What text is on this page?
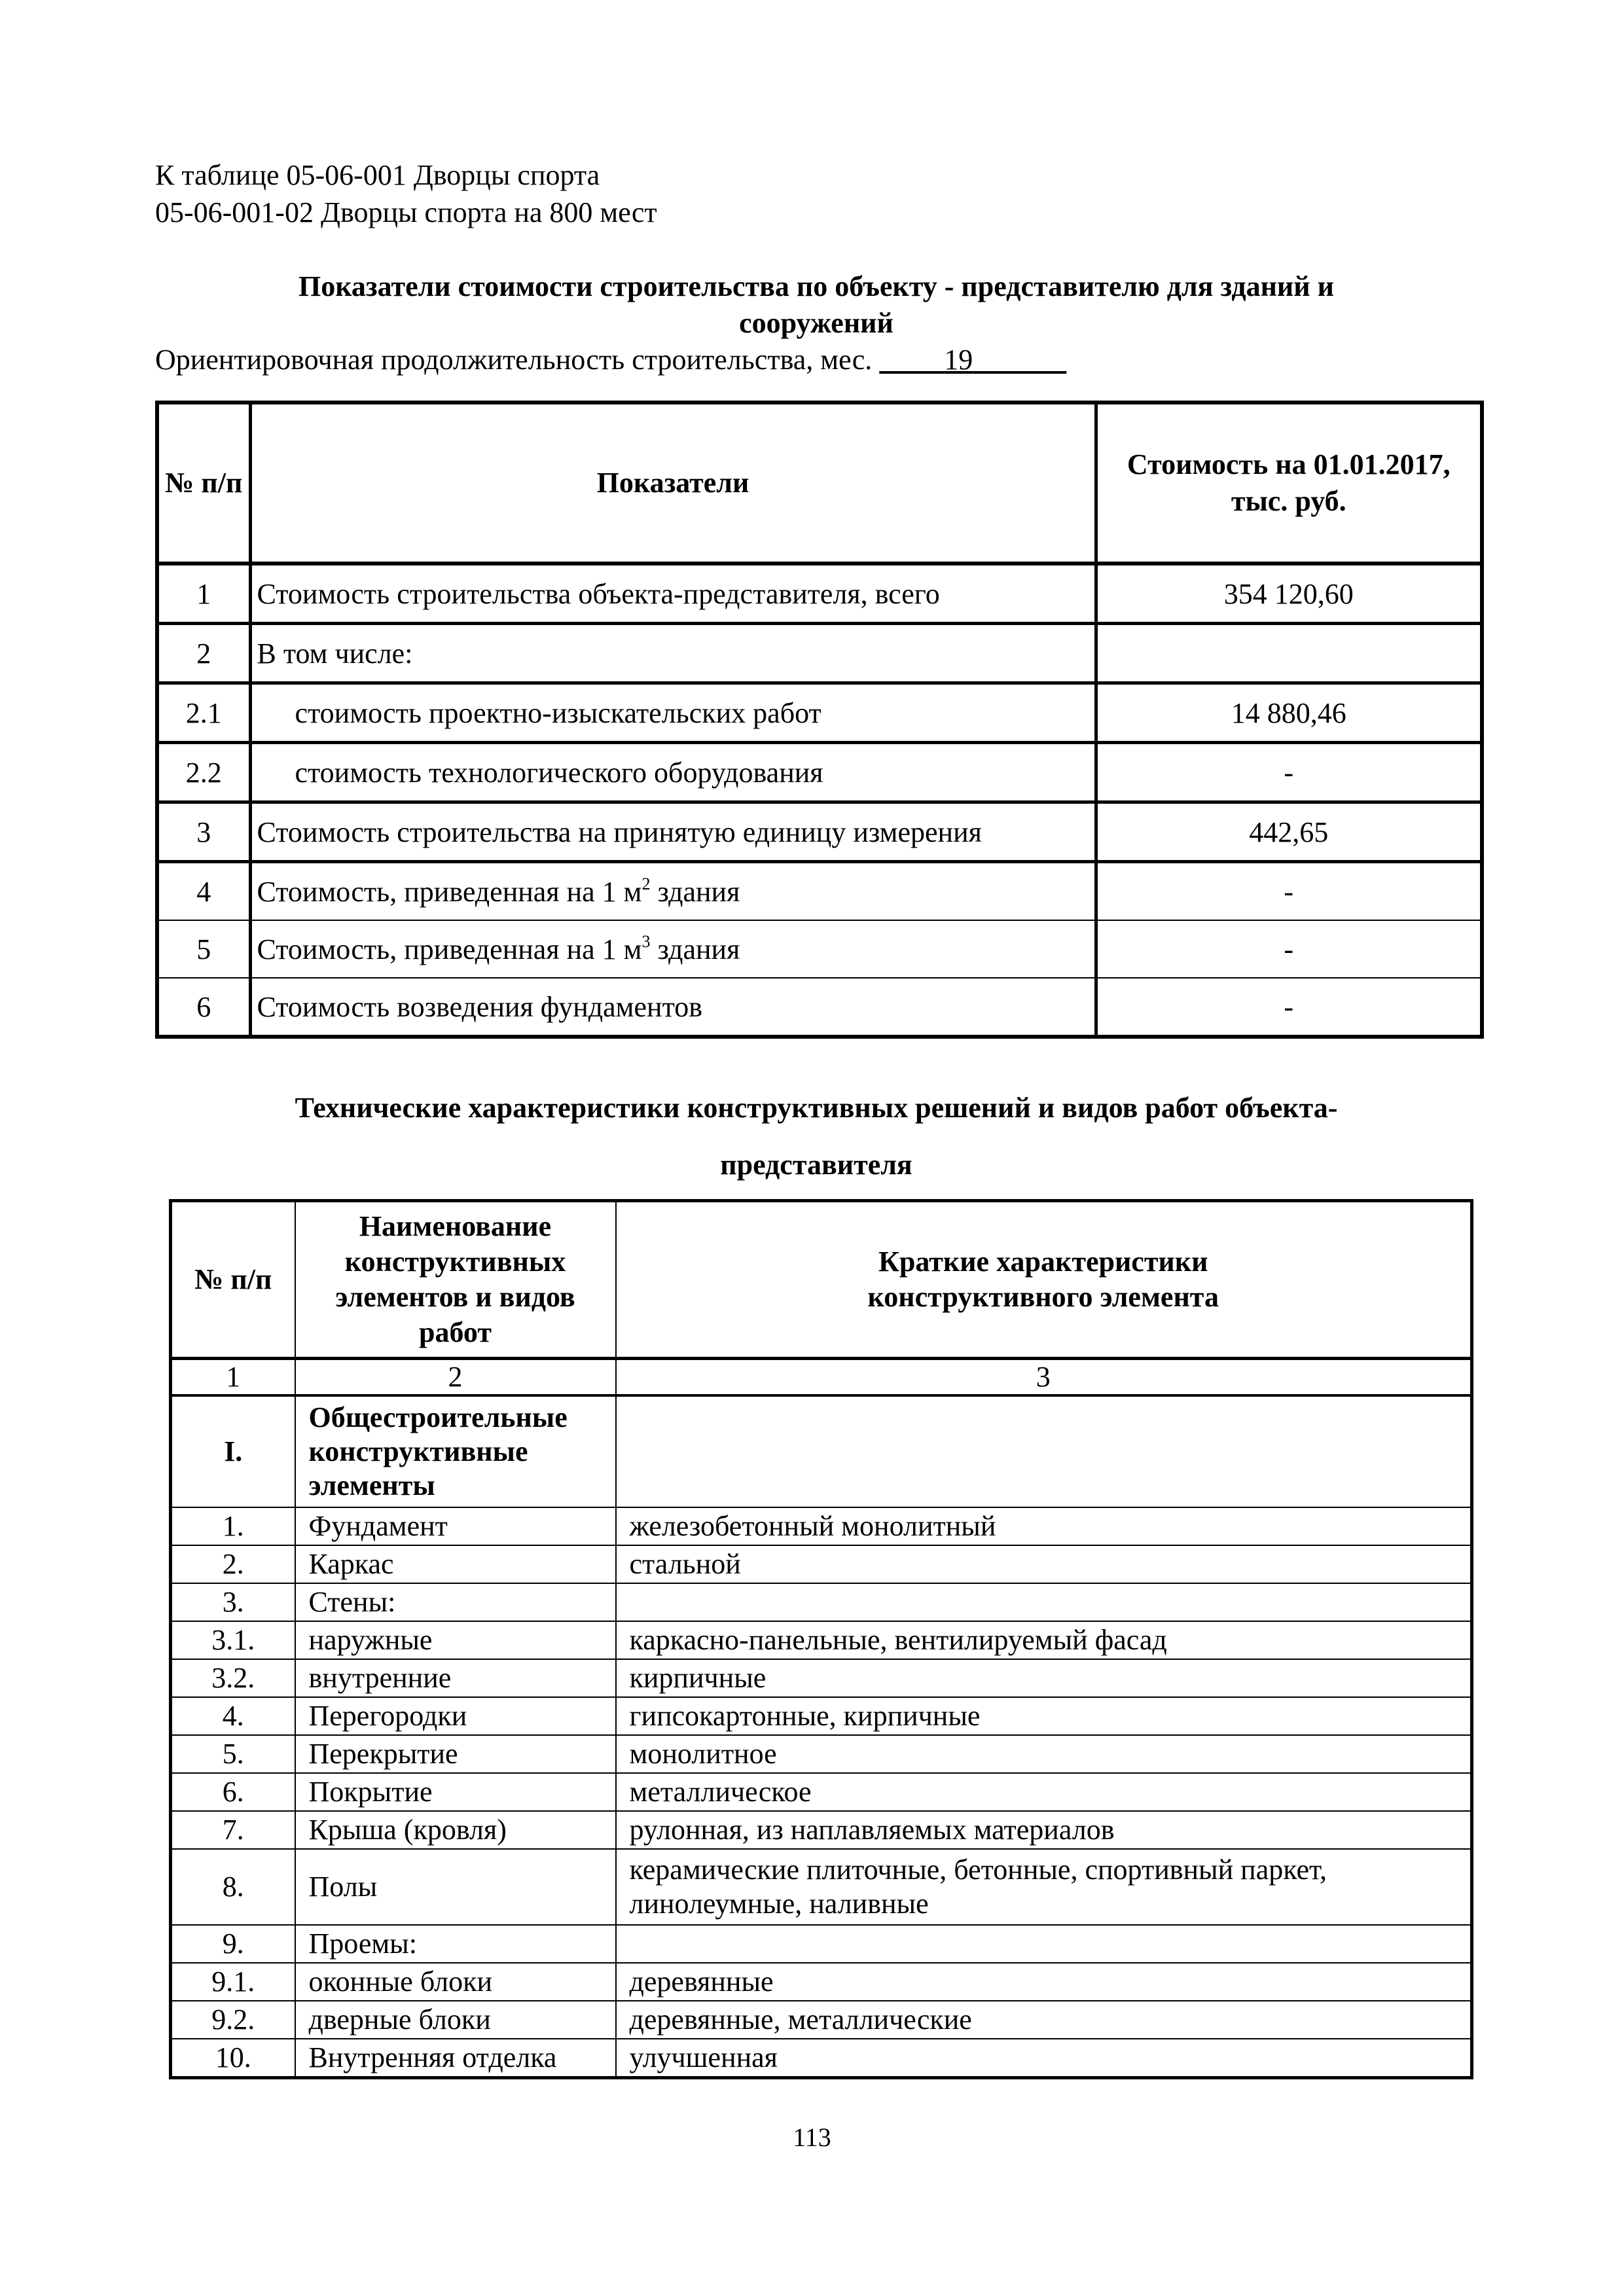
К таблице 05-06-001 Дворцы спорта
05-06-001-02 Дворцы спорта на 800 мест
Показатели стоимости строительства по объекту - представителю для зданий и
сооружений
Ориентировочная продолжительность строительства, мес.	19
№ п/п	Показатели	Стоимость на 01.01.2017, тыс. руб.
1	Стоимость строительства объекта-представителя, всего	354 120,60
2	В том числе:	
2.1	стоимость проектно-изыскательских работ	14 880,46
2.2	стоимость технологического оборудования	-
3	Стоимость строительства на принятую единицу измерения	442,65
4	Стоимость, приведенная на 1 $м^2$ здания	-
5	Стоимость, приведенная на 1 $м^3$ здания	-
6	Стоимость возведения фундаментов	-
Технические характеристики конструктивных решений и видов работ объекта-
представителя
№ п/п	Наименование конструктивных элементов и видов работ	Краткие характеристики конструктивного элемента

1	2	3
I.	Общестроительные конструктивные элементы	
1.	Фундамент	железобетонный монолитный
2.	Каркас	стальной
3.	Стены:	
3.1.	наружные	каркасно-панельные, вентилируемый фасад
3.2.	внутренние	кирпичные
4.	Перегородки	гипсокартонные, кирпичные
5.	Перекрытие	монолитное
6.	Покрытие	металлическое
7.	Крыша (кровля)	рулонная, из наплавляемых материалов
8.	Полы	керамические плиточные, бетонные, спортивный паркет, линолеумные, наливные
9.	Проемы:	
9.1.	оконные блоки	деревянные
9.2.	дверные блоки	деревянные, металлические
10.	Внутренняя отделка	улучшенная
113
